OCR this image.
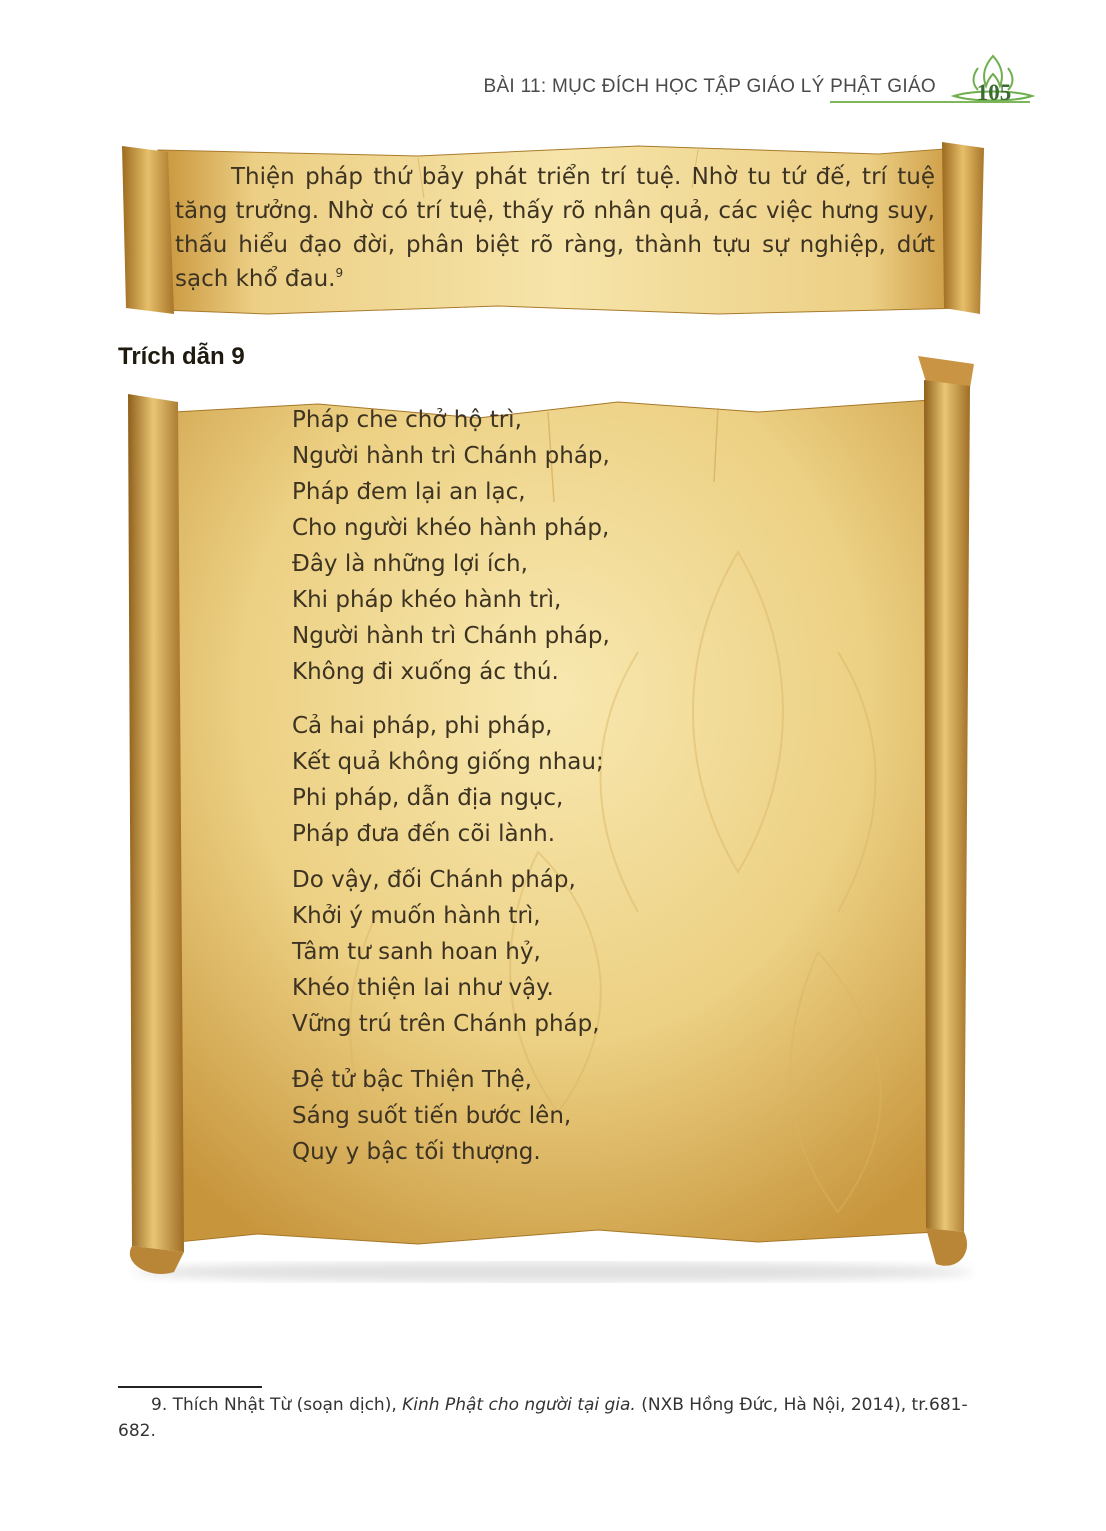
BÀI 11: MỤC ĐÍCH HỌC TẬP GIÁO LÝ PHẬT GIÁO	105
Thiện pháp thứ bảy phát triển trí tuệ. Nhờ tu tứ đế, trí tuệ tăng trưởng. Nhờ có trí tuệ, thấy rõ nhân quả, các việc hưng suy, thấu hiểu đạo đời, phân biệt rõ ràng, thành tựu sự nghiệp, dứt sạch khổ đau.$^9$
Trích dẫn 9
Pháp che chở hộ trì,
Người hành trì Chánh pháp,
Pháp đem lại an lạc,
Cho người khéo hành pháp,
Đây là những lợi ích,
Khi pháp khéo hành trì,
Người hành trì Chánh pháp,
Không đi xuống ác thú.
Cả hai pháp, phi pháp,
Kết quả không giống nhau;
Phi pháp, dẫn địa ngục,
Pháp đưa đến cõi lành.
Do vậy, đối Chánh pháp,
Khởi ý muốn hành trì,
Tâm tư sanh hoan hỷ,
Khéo thiện lai như vậy.
Vững trú trên Chánh pháp,
Đệ tử bậc Thiện Thệ,
Sáng suốt tiến bước lên,
Quy y bậc tối thượng.
9. Thích Nhật Từ (soạn dịch), Kinh Phật cho người tại gia. (NXB Hồng Đức, Hà Nội, 2014), tr.681-682.
